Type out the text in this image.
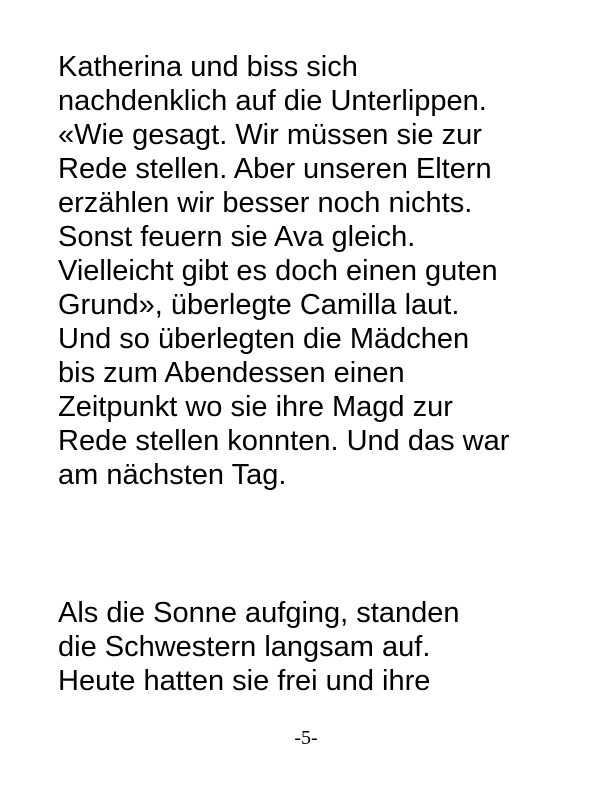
Katherina und biss sich
nachdenklich auf die Unterlippen.
«Wie gesagt. Wir müssen sie zur
Rede stellen. Aber unseren Eltern
erzählen wir besser noch nichts.
Sonst feuern sie Ava gleich.
Vielleicht gibt es doch einen guten
Grund», überlegte Camilla laut.
Und so überlegten die Mädchen
bis zum Abendessen einen
Zeitpunkt wo sie ihre Magd zur
Rede stellen konnten. Und das war
am nächsten Tag.

Als die Sonne aufging, standen
die Schwestern langsam auf.
Heute hatten sie frei und ihre

-5-
